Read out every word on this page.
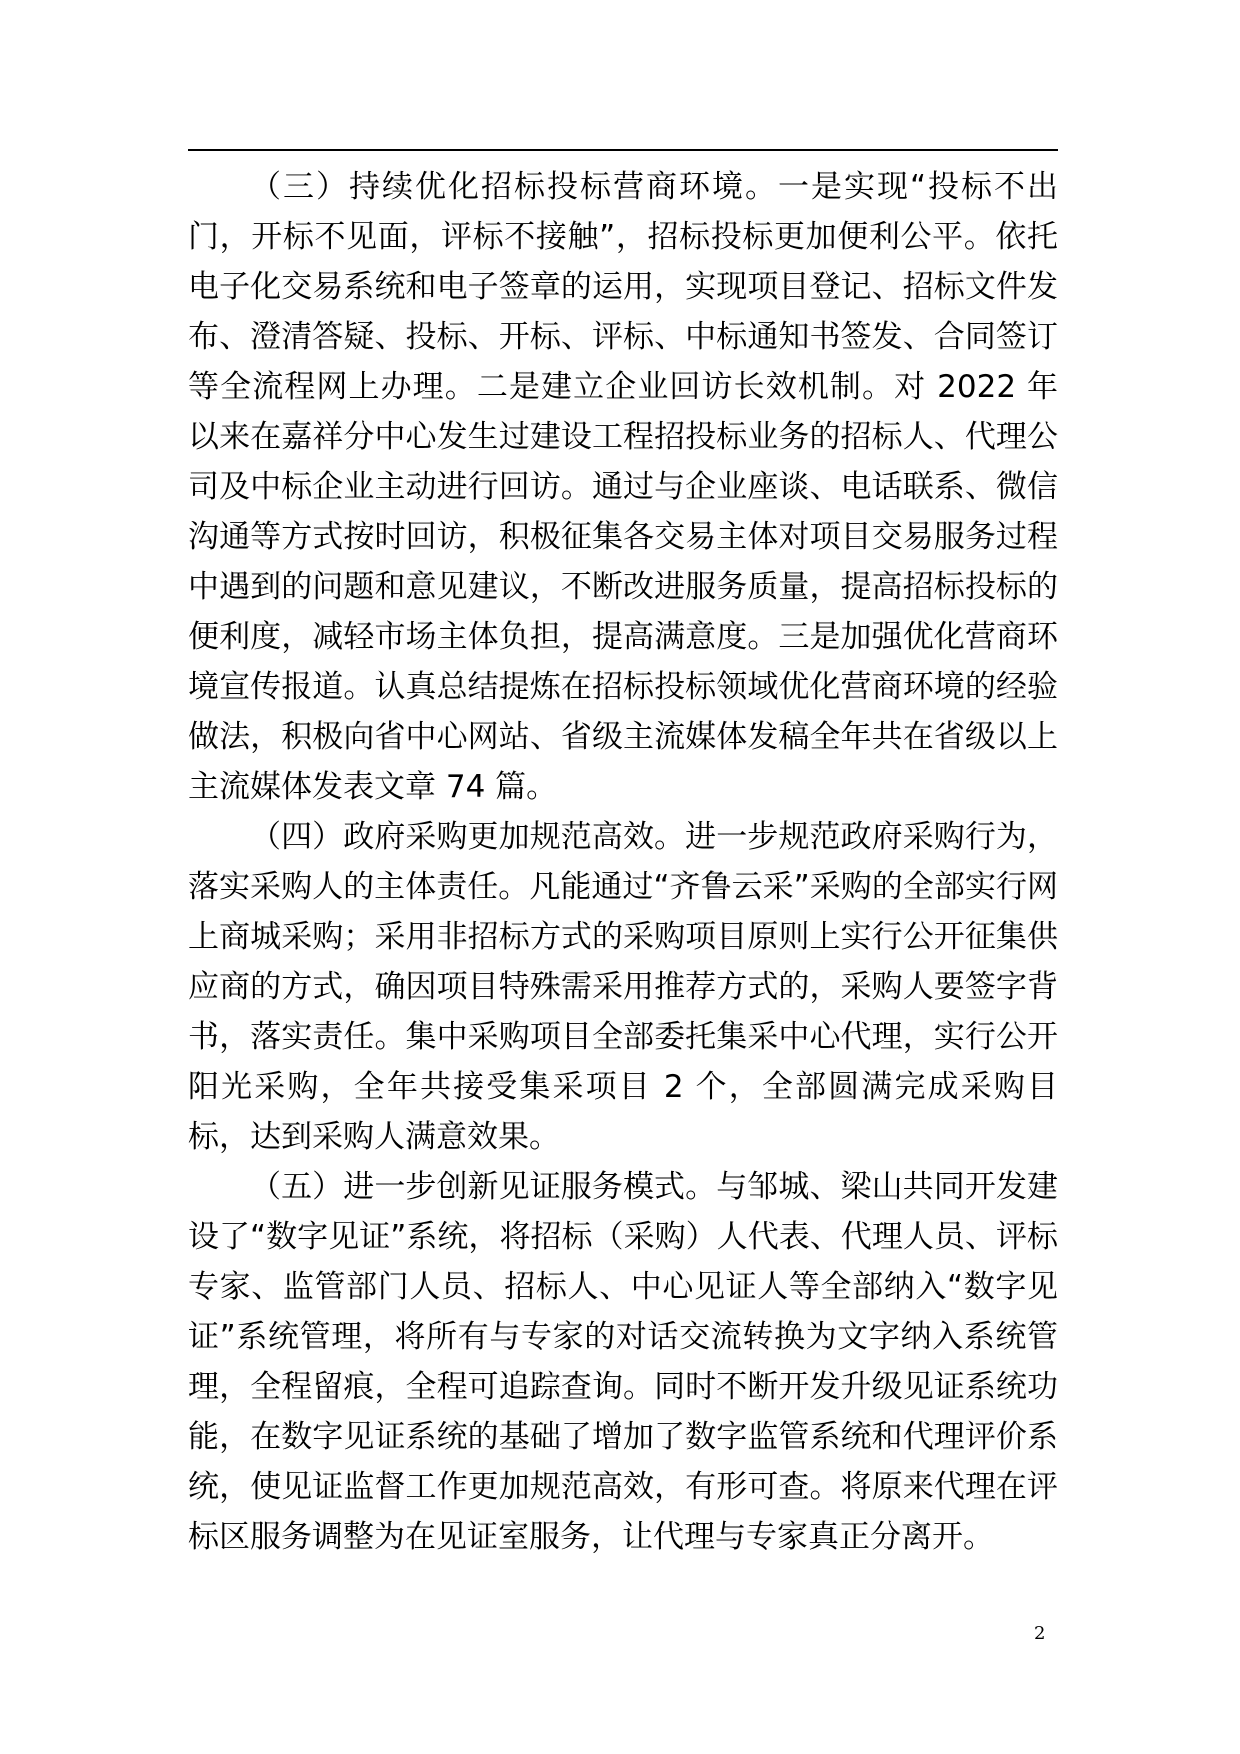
（三）持续优化招标投标营商环境。一是实现“投标不出门，开标不见面，评标不接触”，招标投标更加便利公平。依托电子化交易系统和电子签章的运用，实现项目登记、招标文件发布、澄清答疑、投标、开标、评标、中标通知书签发、合同签订等全流程网上办理。二是建立企业回访长效机制。对 2022 年以来在嘉祥分中心发生过建设工程招投标业务的招标人、代理公司及中标企业主动进行回访。通过与企业座谈、电话联系、微信沟通等方式按时回访，积极征集各交易主体对项目交易服务过程中遇到的问题和意见建议，不断改进服务质量，提高招标投标的便利度，减轻市场主体负担，提高满意度。三是加强优化营商环境宣传报道。认真总结提炼在招标投标领域优化营商环境的经验做法，积极向省中心网站、省级主流媒体发稿全年共在省级以上主流媒体发表文章 74 篇。

（四）政府采购更加规范高效。进一步规范政府采购行为，落实采购人的主体责任。凡能通过“齐鲁云采”采购的全部实行网上商城采购；采用非招标方式的采购项目原则上实行公开征集供应商的方式，确因项目特殊需采用推荐方式的，采购人要签字背书，落实责任。集中采购项目全部委托集采中心代理，实行公开阳光采购，全年共接受集采项目 2 个，全部圆满完成采购目标，达到采购人满意效果。

（五）进一步创新见证服务模式。与邹城、梁山共同开发建设了“数字见证”系统，将招标（采购）人代表、代理人员、评标专家、监管部门人员、招标人、中心见证人等全部纳入“数字见证”系统管理，将所有与专家的对话交流转换为文字纳入系统管理，全程留痕，全程可追踪查询。同时不断开发升级见证系统功能，在数字见证系统的基础了增加了数字监管系统和代理评价系统，使见证监督工作更加规范高效，有形可查。将原来代理在评标区服务调整为在见证室服务，让代理与专家真正分离开。

2
